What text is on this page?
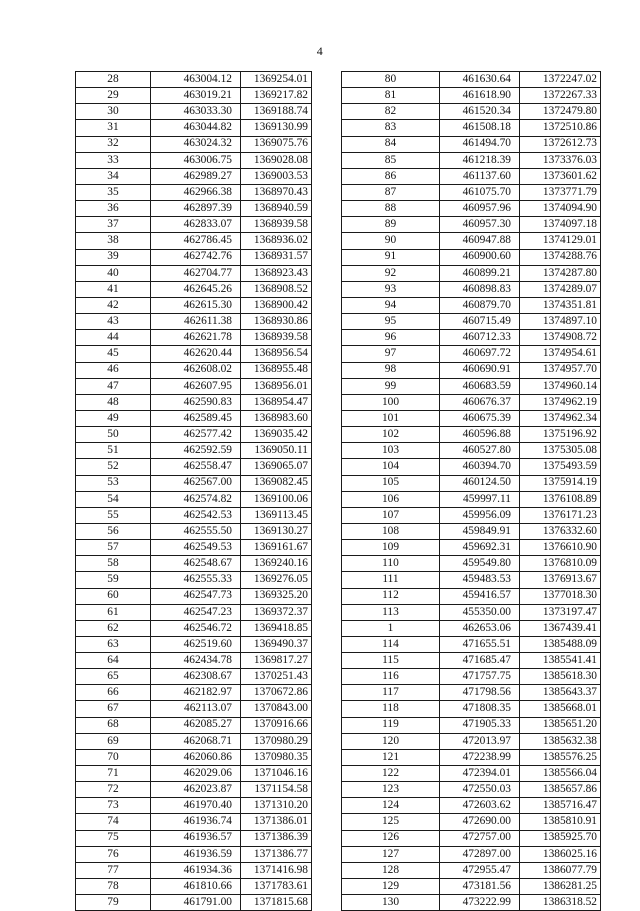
4
28	463004.12	1369254.01
29	463019.21	1369217.82
30	463033.30	1369188.74
31	463044.82	1369130.99
32	463024.32	1369075.76
33	463006.75	1369028.08
34	462989.27	1369003.53
35	462966.38	1368970.43
36	462897.39	1368940.59
37	462833.07	1368939.58
38	462786.45	1368936.02
39	462742.76	1368931.57
40	462704.77	1368923.43
41	462645.26	1368908.52
42	462615.30	1368900.42
43	462611.38	1368930.86
44	462621.78	1368939.58
45	462620.44	1368956.54
46	462608.02	1368955.48
47	462607.95	1368956.01
48	462590.83	1368954.47
49	462589.45	1368983.60
50	462577.42	1369035.42
51	462592.59	1369050.11
52	462558.47	1369065.07
53	462567.00	1369082.45
54	462574.82	1369100.06
55	462542.53	1369113.45
56	462555.50	1369130.27
57	462549.53	1369161.67
58	462548.67	1369240.16
59	462555.33	1369276.05
60	462547.73	1369325.20
61	462547.23	1369372.37
62	462546.72	1369418.85
63	462519.60	1369490.37
64	462434.78	1369817.27
65	462308.67	1370251.43
66	462182.97	1370672.86
67	462113.07	1370843.00
68	462085.27	1370916.66
69	462068.71	1370980.29
70	462060.86	1370980.35
71	462029.06	1371046.16
72	462023.87	1371154.58
73	461970.40	1371310.20
74	461936.74	1371386.01
75	461936.57	1371386.39
76	461936.59	1371386.77
77	461934.36	1371416.98
78	461810.66	1371783.61
79	461791.00	1371815.68
80	461630.64	1372247.02
81	461618.90	1372267.33
82	461520.34	1372479.80
83	461508.18	1372510.86
84	461494.70	1372612.73
85	461218.39	1373376.03
86	461137.60	1373601.62
87	461075.70	1373771.79
88	460957.96	1374094.90
89	460957.30	1374097.18
90	460947.88	1374129.01
91	460900.60	1374288.76
92	460899.21	1374287.80
93	460898.83	1374289.07
94	460879.70	1374351.81
95	460715.49	1374897.10
96	460712.33	1374908.72
97	460697.72	1374954.61
98	460690.91	1374957.70
99	460683.59	1374960.14
100	460676.37	1374962.19
101	460675.39	1374962.34
102	460596.88	1375196.92
103	460527.80	1375305.08
104	460394.70	1375493.59
105	460124.50	1375914.19
106	459997.11	1376108.89
107	459956.09	1376171.23
108	459849.91	1376332.60
109	459692.31	1376610.90
110	459549.80	1376810.09
111	459483.53	1376913.67
112	459416.57	1377018.30
113	455350.00	1373197.47
1	462653.06	1367439.41
114	471655.51	1385488.09
115	471685.47	1385541.41
116	471757.75	1385618.30
117	471798.56	1385643.37
118	471808.35	1385668.01
119	471905.33	1385651.20
120	472013.97	1385632.38
121	472238.99	1385576.25
122	472394.01	1385566.04
123	472550.03	1385657.86
124	472603.62	1385716.47
125	472690.00	1385810.91
126	472757.00	1385925.70
127	472897.00	1386025.16
128	472955.47	1386077.79
129	473181.56	1386281.25
130	473222.99	1386318.52
